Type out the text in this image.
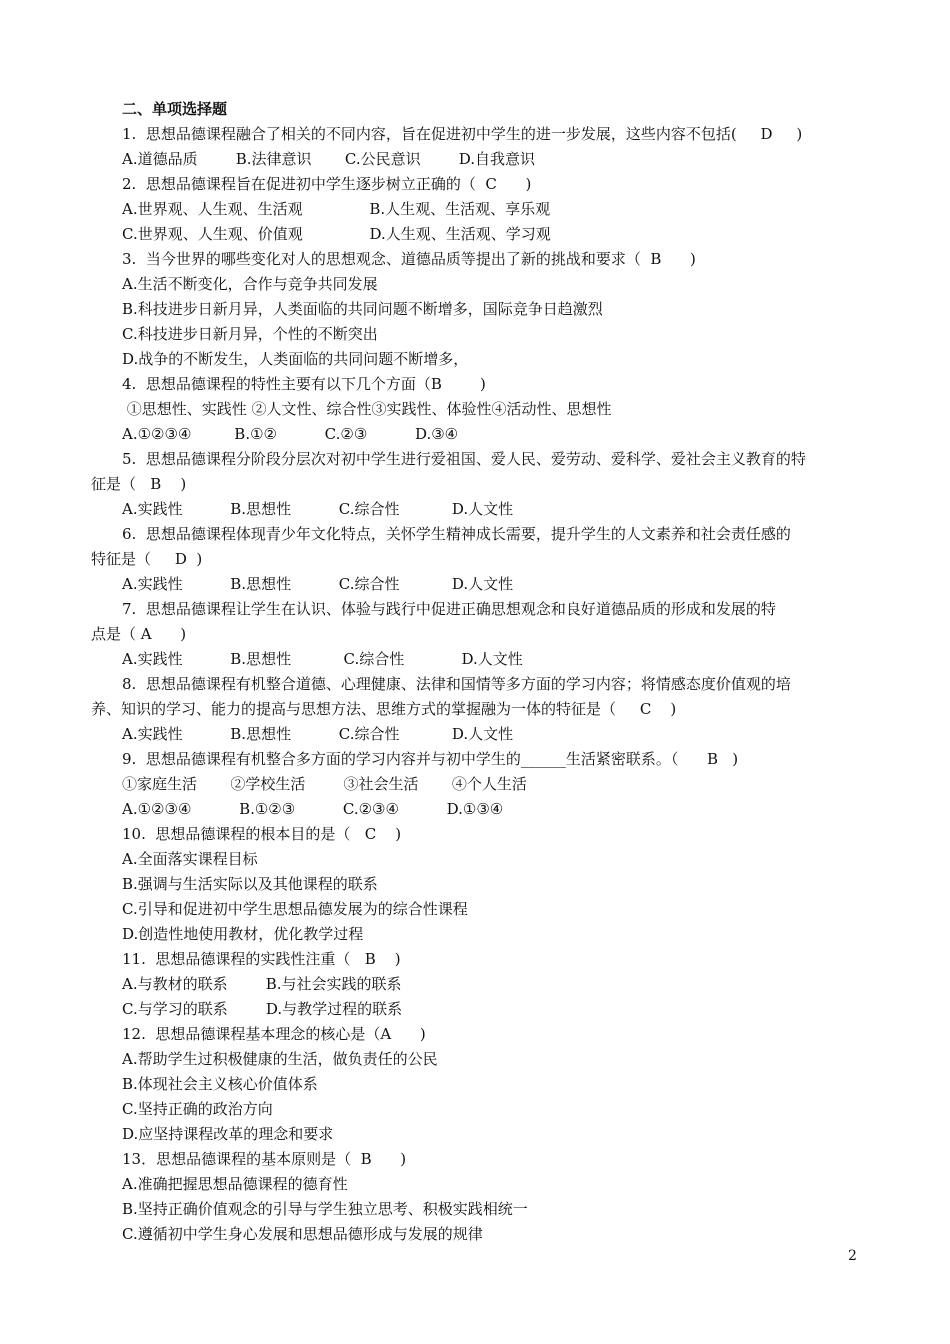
二、单项选择题
1.  思想品德课程融合了相关的不同内容，旨在促进初中学生的进一步发展，这些内容不包括(     D     )
A.道德品质        B.法律意识       C.公民意识        D.自我意识
2.  思想品德课程旨在促进初中学生逐步树立正确的（  C      )
A.世界观、人生观、生活观              B.人生观、生活观、享乐观
C.世界观、人生观、价值观              D.人生观、生活观、学习观
3.  当今世界的哪些变化对人的思想观念、道德品质等提出了新的挑战和要求（  B      )
A.生活不断变化，合作与竞争共同发展
B.科技进步日新月异，人类面临的共同问题不断增多，国际竞争日趋激烈
C.科技进步日新月异，个性的不断突出
D.战争的不断发生，人类面临的共同问题不断增多，
4.  思想品德课程的特性主要有以下几个方面（B        )
①思想性、实践性 ②人文性、综合性③实践性、体验性④活动性、思想性
A.①②③④         B.①②          C.②③          D.③④
5.  思想品德课程分阶段分层次对初中学生进行爱祖国、爱人民、爱劳动、爱科学、爱社会主义教育的特
征是（   B    )
A.实践性          B.思想性          C.综合性           D.人文性
6.  思想品德课程体现青少年文化特点，关怀学生精神成长需要，提升学生的人文素养和社会责任感的
特征是（     D  )
A.实践性          B.思想性          C.综合性           D.人文性
7.  思想品德课程让学生在认识、体验与践行中促进正确思想观念和良好道德品质的形成和发展的特
点是（ A      )
A.实践性          B.思想性           C.综合性            D.人文性
8.  思想品德课程有机整合道德、心理健康、法律和国情等多方面的学习内容；将情感态度价值观的培
养、知识的学习、能力的提高与思想方法、思维方式的掌握融为一体的特征是（     C    )
A.实践性          B.思想性          C.综合性           D.人文性
9.  思想品德课程有机整合多方面的学习内容并与初中学生的______生活紧密联系。（      B   )
①家庭生活       ②学校生活        ③社会生活       ④个人生活
A.①②③④          B.①②③          C.②③④          D.①③④
10.  思想品德课程的根本目的是（   C    )
A.全面落实课程目标
B.强调与生活实际以及其他课程的联系
C.引导和促进初中学生思想品德发展为的综合性课程
D.创造性地使用教材，优化教学过程
11.  思想品德课程的实践性注重（   B    )
A.与教材的联系        B.与社会实践的联系
C.与学习的联系        D.与教学过程的联系
12.  思想品德课程基本理念的核心是（A      )
A.帮助学生过积极健康的生活，做负责任的公民
B.体现社会主义核心价值体系
C.坚持正确的政治方向
D.应坚持课程改革的理念和要求
13．思想品德课程的基本原则是（  B      )
A.准确把握思想品德课程的德育性
B.坚持正确价值观念的引导与学生独立思考、积极实践相统一
C.遵循初中学生身心发展和思想品德形成与发展的规律
2
